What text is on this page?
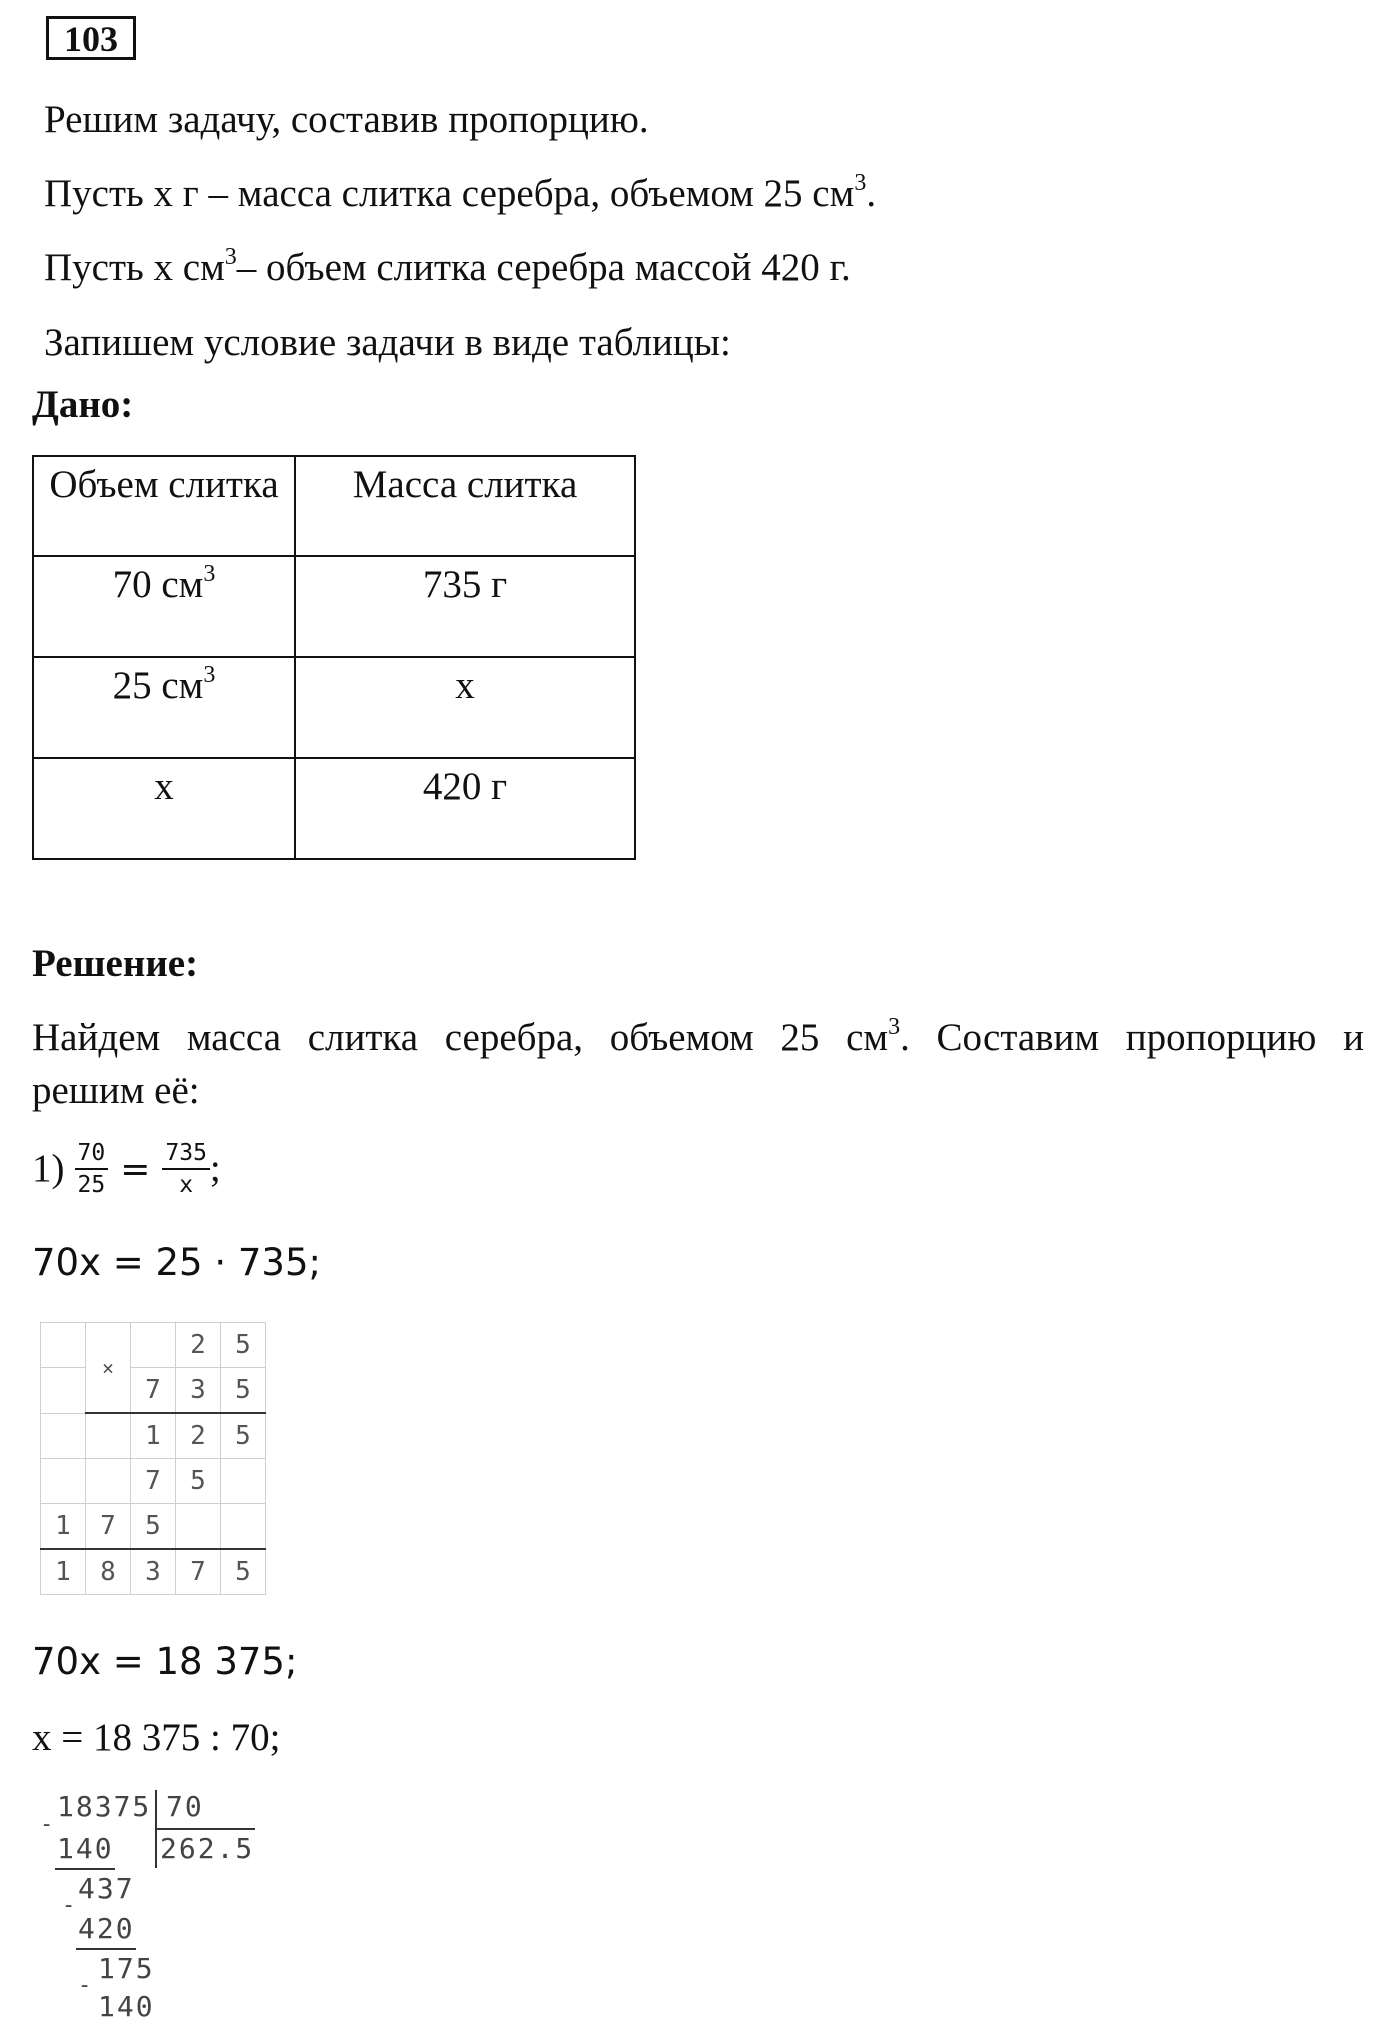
103
Решим задачу, составив пропорцию.
Пусть x г – масса слитка серебра, объемом 25 $см^3$.
Пусть x $см^3-$ объем слитка серебра массой 420 г.
Запишем условие задачи в виде таблицы:
Дано:
Объем слитка	Масса слитка
70 $см^3$	735 г
25 $см^3$	x
x	420 г
Решение:
Найдем масса слитка серебра, объемом 25 $см^3$. Составим пропорцию и
решим её:
$1) \frac{70}{25} = \frac{735}{x}$ ;
70x = 25 · 735;
	×		2	5
		7	3	5
		1	2	5
		7	5	
1	7	5		
1	8	3	7	5
70x = 18 375;
x = 18 375 : 70;
18375 70
262.5
-
140
437
-
420
175
-
140
